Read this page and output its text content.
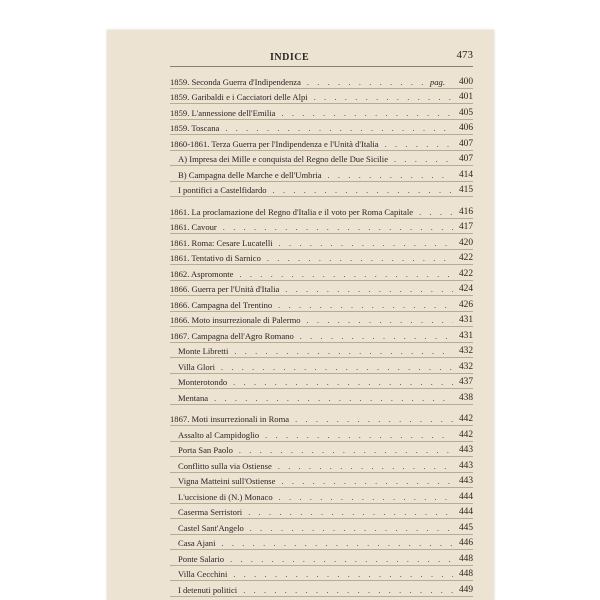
INDICE	473
1859. Seconda Guerra d'Indipendenza . . .	pag. 400
1859. Garibaldi e i Cacciatori delle Alpi . . .	401
1859. L'annessione dell'Emilia . . .	405
1859. Toscana . . .	406
1860-1861. Terza Guerra per l'Indipendenza e l'Unità d'Italia . . .	407
A) Impresa dei Mille e conquista del Regno delle Due Sicilie . . .	407
B) Campagna delle Marche e dell'Umbria . . .	414
I pontifici a Castelfidardo . . .	415
1861. La proclamazione del Regno d'Italia e il voto per Roma Capitale . . .	416
1861. Cavour . . .	417
1861. Roma: Cesare Lucatelli . . .	420
1861. Tentativo di Sarnico . . .	422
1862. Aspromonte . . .	422
1866. Guerra per l'Unità d'Italia . . .	424
1866. Campagna del Trentino . . .	426
1866. Moto insurrezionale di Palermo . . .	431
1867. Campagna dell'Agro Romano . . .	431
Monte Libretti . . .	432
Villa Glori . . .	432
Monterotondo . . .	437
Mentana . . .	438
1867. Moti insurrezionali in Roma . . .	442
Assalto al Campidoglio . . .	442
Porta San Paolo . . .	443
Conflitto sulla via Ostiense . . .	443
Vigna Matteini sull'Ostiense . . .	443
L'uccisione di (N.) Monaco . . .	444
Caserma Serristori . . .	444
Castel Sant'Angelo . . .	445
Casa Ajani . . .	446
Ponte Salario . . .	448
Villa Cecchini . . .	448
I detenuti politici . . .	449
